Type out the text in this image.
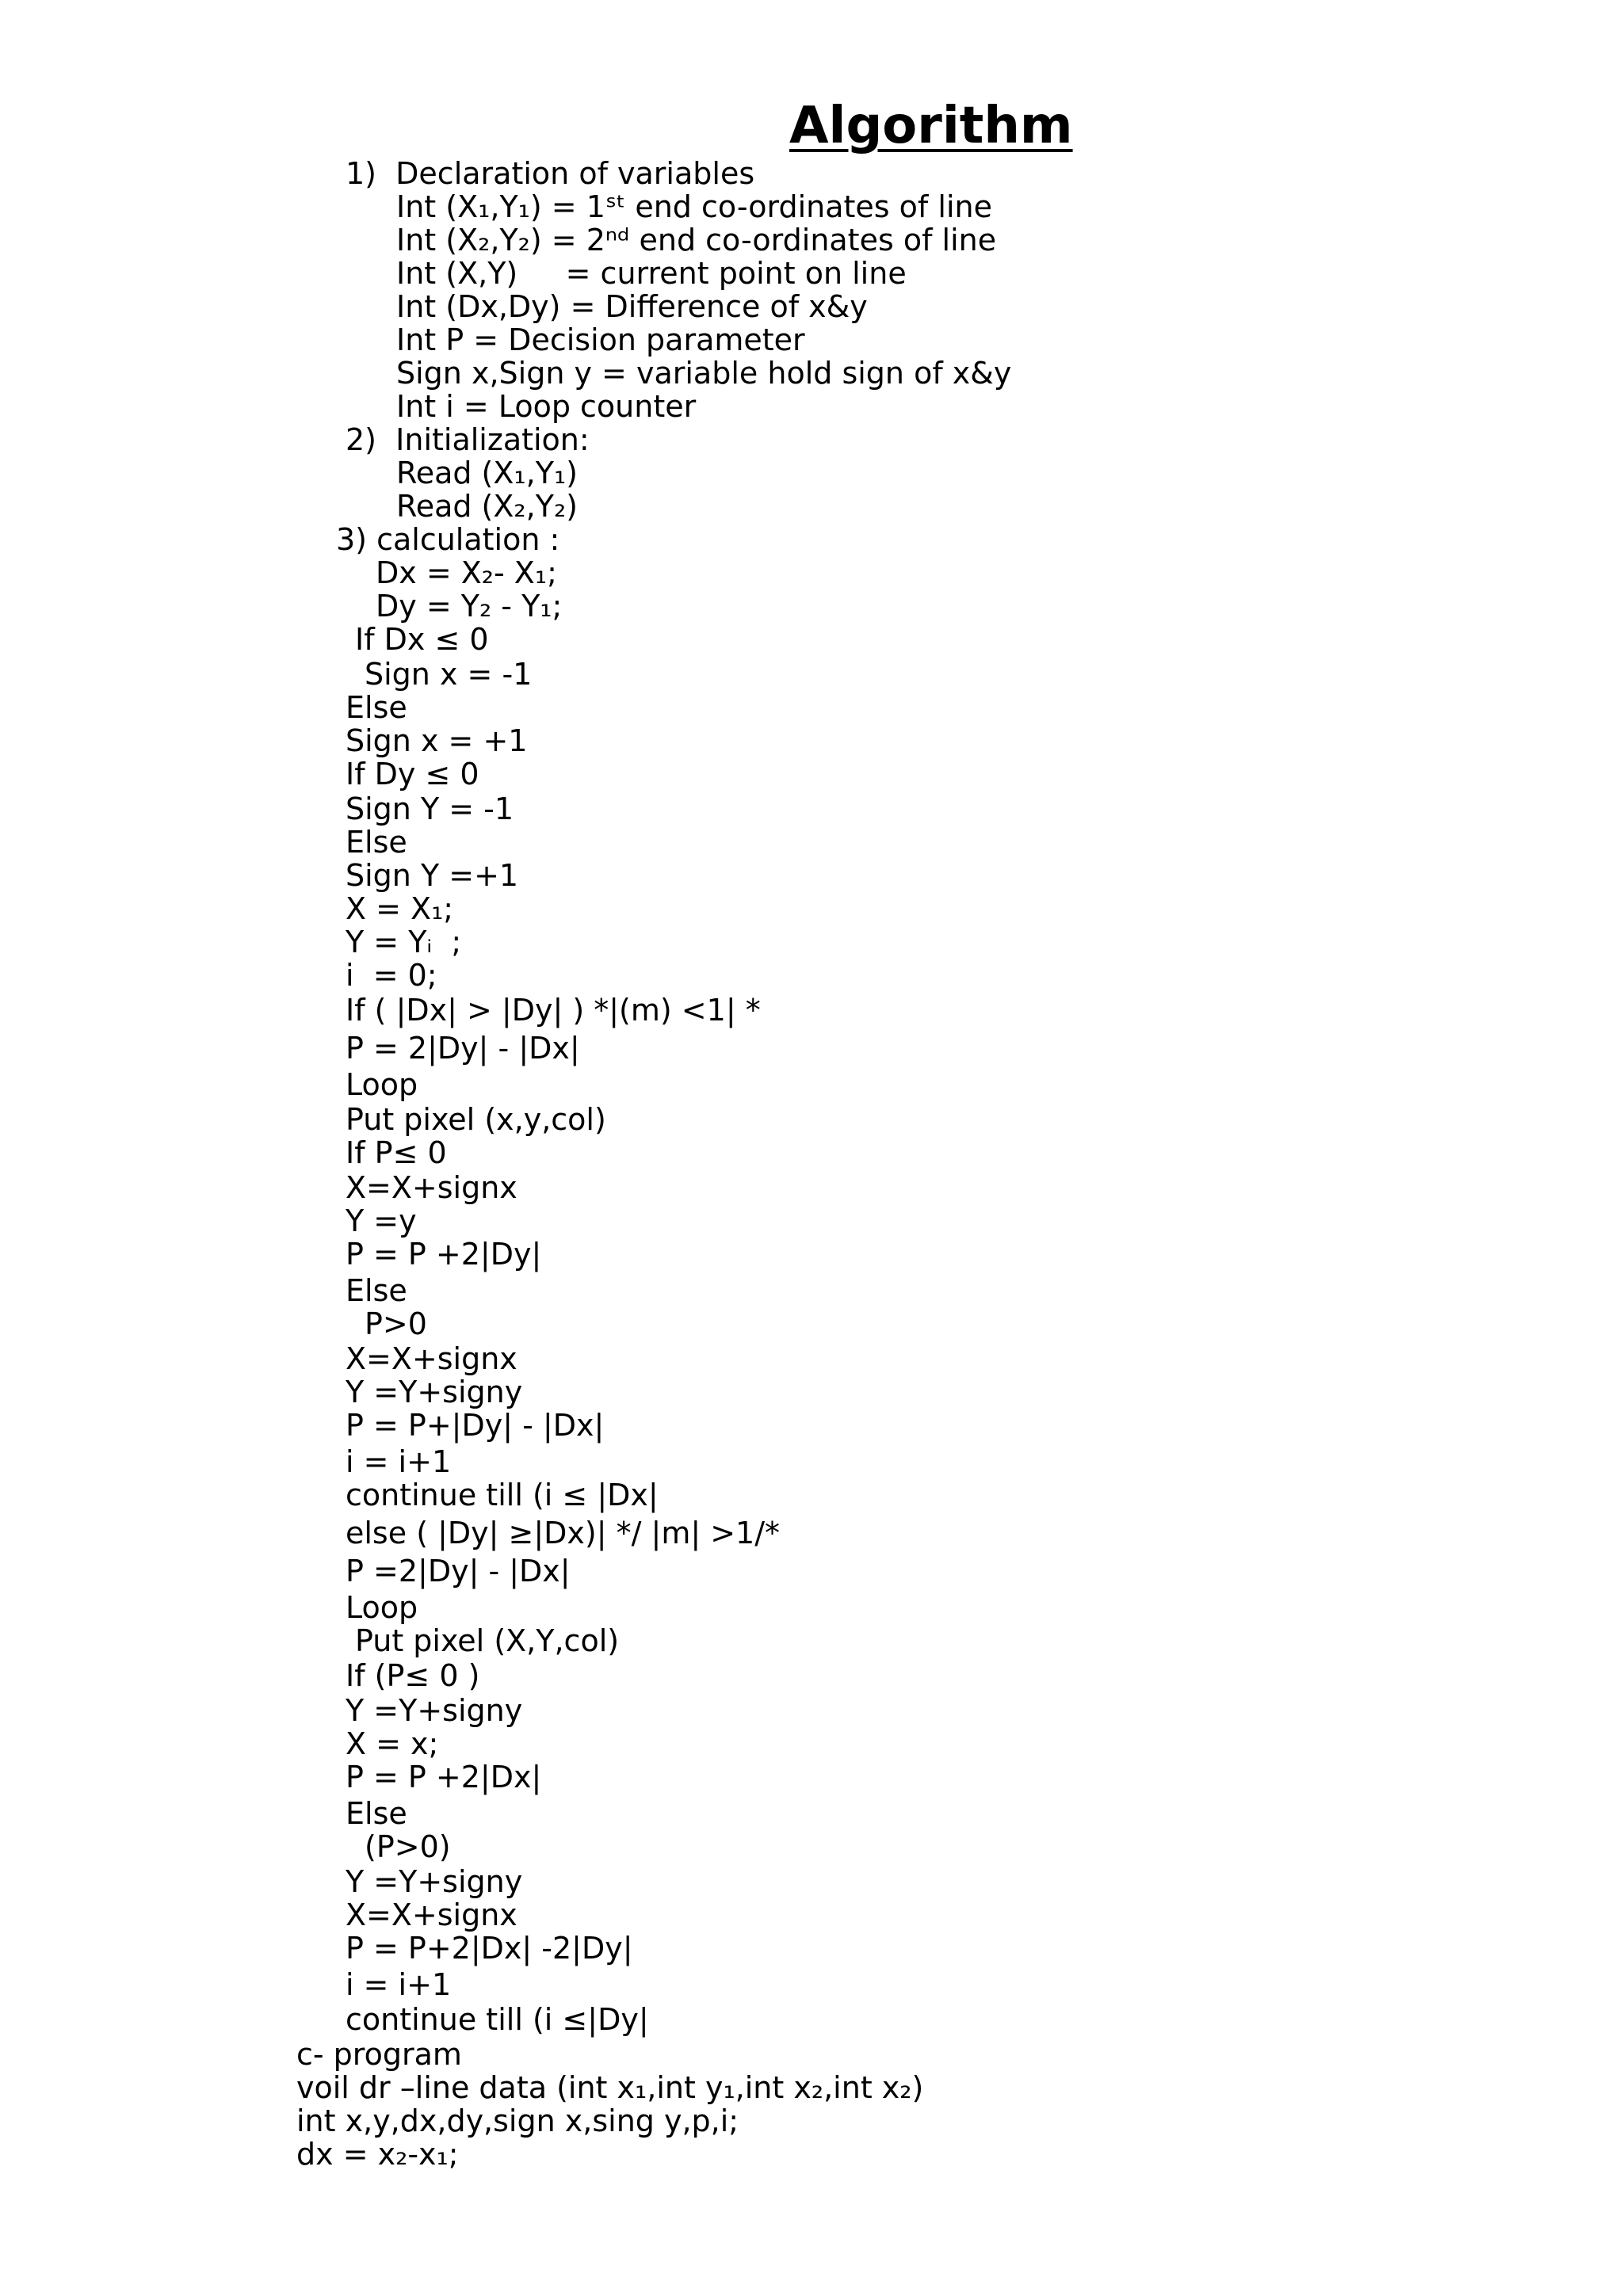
Algorithm
1)  Declaration of variables
Int (X₁,Y₁) = 1ˢᵗ end co-ordinates of line
Int (X₂,Y₂) = 2ⁿᵈ end co-ordinates of line
Int (X,Y)     = current point on line
Int (Dx,Dy) = Difference of x&y
Int P = Decision parameter
Sign x,Sign y = variable hold sign of x&y
Int i = Loop counter
2)  Initialization:
Read (X₁,Y₁)
Read (X₂,Y₂)
3) calculation :
Dx = X₂- X₁;
Dy = Y₂ - Y₁;
If Dx ≤ 0
Sign x = -1
Else
Sign x = +1
If Dy ≤ 0
Sign Y = -1
Else
Sign Y =+1
X = X₁;
Y = Yᵢ  ;
i  = 0;
If ( |Dx| > |Dy| ) *|(m) <1| *
P = 2|Dy| - |Dx|
Loop
Put pixel (x,y,col)
If P≤ 0
X=X+signx
Y =y
P = P +2|Dy|
Else
P>0
X=X+signx
Y =Y+signy
P = P+|Dy| - |Dx|
i = i+1
continue till (i ≤ |Dx|
else ( |Dy| ≥|Dx)| */ |m| >1/*
P =2|Dy| - |Dx|
Loop
Put pixel (X,Y,col)
If (P≤ 0 )
Y =Y+signy
X = x;
P = P +2|Dx|
Else
(P>0)
Y =Y+signy
X=X+signx
P = P+2|Dx| -2|Dy|
i = i+1
continue till (i ≤|Dy|
c- program
voil dr –line data (int x₁,int y₁,int x₂,int x₂)
int x,y,dx,dy,sign x,sing y,p,i;
dx = x₂-x₁;
